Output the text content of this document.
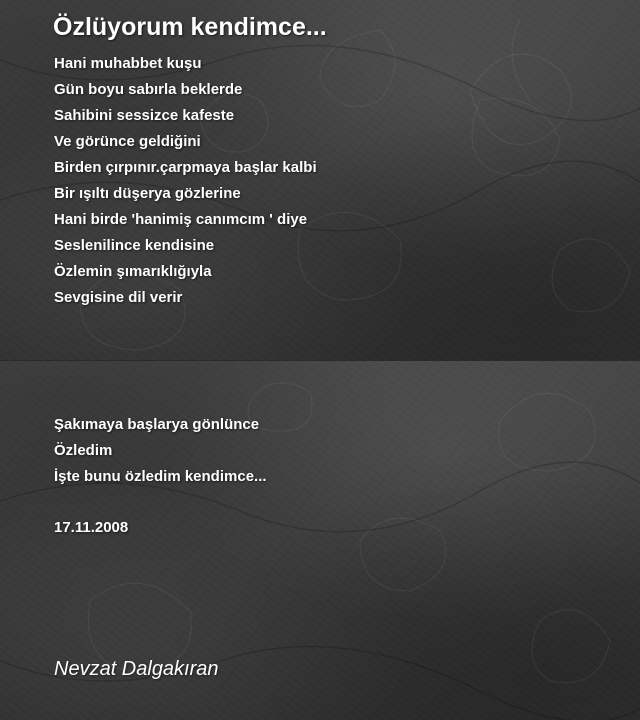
Özlüyorum kendimce...
Hani muhabbet kuşu
Gün boyu sabırla beklerde
Sahibini sessizce kafeste
Ve görünce geldiğini
Birden çırpınır.çarpmaya başlar kalbi
Bir ışıltı düşerya gözlerine
Hani birde 'hanimiş canımcım ' diye
Seslenilince kendisine
Özlemin şımarıklığıyla
Sevgisine dil verir
Şakımaya başlarya gönlünce
Özledim
İşte bunu özledim kendimce...
17.11.2008
Nevzat Dalgakıran
